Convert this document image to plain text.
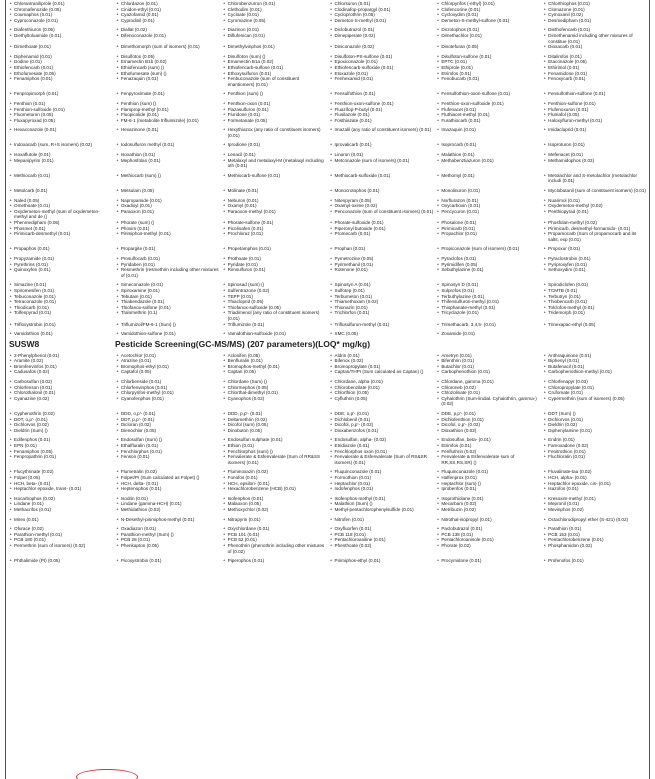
▲ Chlorantraniliprole (0.01)	▲ Chlordazon (0.01)	▲ Chlorobenzurron (0.01)	▲ Chlorsuron (0.01)	▲ Chlorpyrifos (-ethyl) (0.01)	▲ Chlorthiophos (0.01)
▲ Chromafenozide (0.05)	▲ Cinidon-ethyl (0.01)	▲ Clethodim (0.01)	▲ Clodinafop-propargyl (0.01)	▲ Clofencorine (0.01)	▲ Clomazone (0.01)
▲ Coumaphos (0.01)	▲ Cyazofamid (0.01)	▲ Cycloate (0.01)	▲ Cycloprothrin (0.05)	▲ Cycloxydim (0.01)	▲ Cymoxanil (0.02)
▲ Cyproconazole (0.01)	▲ Cyprodinil (0.01)	▲ Cyromazine (0.05)	▲ Demeton-S-methyl (0.01)	▲ Demeton-S-methyl-sulfone (0.01)	▲ Desmedipham (0.01)
▲ Diafenthiuron (0.05)	▲ Diallat (0.02)	▲ Diazinon (0.01)	▲ Diclobutrazol (0.01)	▲ Dicrotophos (0.01)	▲ Diethofencarb (0.01)
▲ Diethyltoluamide (0.01)	▲ Difenoconazole (0.01)	▲ Diflufenican (0.01)	▲ Dimepiperate (0.02)	▲ Dimethachlor (0.01)	▲ Dimethenamid including other mixtures of constitue (0.01)
▲ Dimethoate (0.01)	▲ Dimethomorph (sum of isomers) (0.01)	▲ Dimethylvinphos (0.01)	▲ Diniconazole (0.02)	▲ Dinotefuran (0.05)	▲ Dioxacarb (0.01)
▲ Diphenamid (0.01)	▲ Disulfoton (0.05)	▲ Disulfoton (sum) ()	▲ Disulfoton-PS-sulfone (0.01)	▲ Disulfoton-sulfone (0.01)	▲ Ditalimfos (0.01)
▲ Dodine (0.01)	▲ Emamectin B1b (0.02)	▲ Emamectin B1a (0.02)	▲ Epoxiconazole (0.01)	▲ EPTC (0.01)	▲ Etaconazole (0.05)
▲ Ethiofencarb (0.01)	▲ Ethiofencarb (sum) ()	▲ Ethiofencarb-sulfone (0.01)	▲ Ethiofencarb-sulfoxide (0.01)	▲ Ethiprole (0.01)	▲ Ethirimol (0.01)
▲ Ethofumesate (0.05)	▲ Ethofumesate (sum) ()	▲ Ethoxysulfuron (0.01)	▲ Etoxazole (0.01)	▲ Etrimfos (0.01)	▲ Fenamidone (0.01)
▲ Fenamiphos (0.01)	▲ Fenazaquin (0.01)	▲ Fenbuconazole (sum of constituent enantiomers) (0.01)
▲ Fenhexamid (0.01)	▲ Fenobucarb (0.01)	▲ Fenoxycarb (0.01)
▲ Fenpropimorph (0.01)	▲ Fenpyroximate (0.01)	▲ Fenthion (sum) ()	▲ Fensulfothion (0.01)	▲ Fensulfothion-oxon-sulfone (0.01)	▲ Fensulfothion-sulfone (0.01)
▲ Fenthion (0.01)	▲ Fenthion (sum) ()	▲ Fenthion-oxon (0.01)	▲ Fenthion-oxon-sulfone (0.01)	▲ Fenthion-oxon-sulfoxide (0.01)	▲ Fenthion-sulfone (0.01)
▲ Fenthion-sulfoxide (0.01)	▲ Flamprop-methyl (0.01)	▲ Flazasulfuron (0.01)	▲ Fluazifop-P-butyl (0.01)	▲ Flufenacet (0.01)	▲ Flufenoxuron (0.01)
▲ Fluometuron (0.05)	▲ Fluopicolide (0.01)	▲ Fluridone (0.01)	▲ Flusilazole (0.01)	▲ Fluthiacet-methyl (0.01)	▲ Flutriafol (0.05)
▲ Fluxapyroxad (0.05)	▲ FM-6-1 (metabolite trifluimizole) (0.01)	▲ Formetanate (0.05)	▲ Fosthiazate (0.01)	▲ Furathiocarb (0.01)	▲ Haloxyfluron-methyl (0.01)
▲ Hexaconazole (0.01)	▲ Hexazinone (0.01)	▲ Hexythiazox (any ratio of constituent isomers) (0.01)
▲ Imazalil (any ratio of constituent isomers) (0.01)	▲ Imazaquin (0.01)	▲ Imidacloprid (0.01)
▲ Indoxacarb (sum, R+S isomers) (0.02)	▲ Iodosulfuron methyl (0.01)	▲ Iprodione (0.01)	▲ Iprovalicarb (0.01)	▲ Isoprocarb (0.01)	▲ Isoproturon (0.01)
▲ Isoxaflutole (0.01)	▲ Isoxathion (0.01)	▲ Lenacil (0.01)	▲ Linuron (0.01)	▲ Malathion (0.01)	▲ Mefenacet (0.01)
▲ Mepanipyrim (0.01)	▲ Mephosfolan (0.01)	▲ Metalaxyl and metalaxyl-M (metalaxyl including oth (0.01)
▲ Metconazole (sum of isomers) (0.01)	▲ Methabenztiazuron (0.01)	▲ Methamidophos (0.02)
▲ Methiocarb (0.01)	▲ Methiocarb (sum) ()	▲ Methiocarb-sulfone (0.01)	▲ Methiocarb-sulfoxide (0.01)	▲ Methomyl (0.01)	▲ Metolachlor and S-metolachlor (metolachlor includi (0.01)
▲ Metolcarb (0.01)	▲ Metsulam (0.05)	▲ Molinate (0.01)	▲ Monocrotophos (0.01)	▲ Monolinuron (0.01)	▲ Myclobutanil (sum of constituent isomers) (0.01)
▲ Naled (0.05)	▲ Napropamide (0.01)	▲ Neburon (0.01)	▲ Nitenpyram (0.05)	▲ Norflurazon (0.01)	▲ Nuarimol (0.01)
▲ Omethoate (0.01)	▲ Oxadixyl (0.01)	▲ Oxamyl (0.01)	▲ Oxamyl-oxime (0.02)	▲ Oxycarboxin (0.01)	▲ Oxydemeton-methyl (0.02)
▲ Oxydemeton-methyl (sum of oxydemeton-methyl and de ()
▲ Paraoxon (0.01)	▲ Paraoxon-methyl (0.01)	▲ Penconazole (sum of constituent isomers) (0.01)	▲ Pencycuron (0.01)	▲ Penthiopyrad (0.01)
▲ Phenmedipham (0.05)	▲ Phorate (sum) ()	▲ Phorate-sulfone (0.01)	▲ Phorate-sulfoxide (0.01)	▲ Phosalone (0.01)	▲ Phosfolan-methyl (0.02)
▲ Phosmet (0.01)	▲ Phoxim (0.01)	▲ Picolinafen (0.01)	▲ Piperonyl butoxide (0.01)	▲ Pirimicarb (0.01)	▲ Pirimicarb, desmethyl-formamido- (0.01)
▲ Pirimicarb-desmethyl (0.01)	▲ Pirimiphos-methyl (0.01)	▲ Prochloraz (0.01)	▲ Promecarb (0.01)	▲ Propachlor (0.01)	▲ Propamocarb (Sum of propamocarb and its salts, exp (0.01)
▲ Propaphos (0.01)	▲ Propargite (0.01)	▲ Propetamphos (0.01)	▲ Prophan (0.01)	▲ Propiconazole (sum of isomers) (0.01)	▲ Propoxur (0.01)
▲ Propyzamide (0.01)	▲ Prosulfocarb (0.01)	▲ Prothoate (0.01)	▲ Pymetrozine (0.05)	▲ Pyraclofos (0.01)	▲ Pyraclostrobin (0.01)
▲ Pyrethrins (0.01)	▲ Pyridaben (0.01)	▲ Pyridate (0.01)	▲ Pyrimethanil (0.01)	▲ Pyrimidifen (0.05)	▲ Pyriproxyfen (0.01)
▲ Quinoxyfen (0.01)	▲ Resmethrin (resmethrin including other mixtures of (0.01)
▲ Rimsulfuron (0.01)	▲ Rotenone (0.01)	▲ Sebuthylazine (0.01)	▲ Sethoxydim (0.01)
▲ Simazine (0.01)	▲ Simeconazole (0.01)	▲ Spinosad (sum) ()	▲ Spinosyn A (0.01)	▲ Spinosyn D (0.01)	▲ Spirodiclofen (0.01)
▲ Spiromesifen (0.01)	▲ Spiroxamine (0.01)	▲ Sulfentrazone (0.02)	▲ Sulfotep (0.01)	▲ Sulprofos (0.01)	▲ TCMTB (0.01)
▲ Tebuconazole (0.01)	▲ Tebutam (0.01)	▲ TEPP (0.01)	▲ Terbumeton (0.01)	▲ Terbuthylazine (0.01)	▲ Terbutryn (0.01)
▲ Tetraconazole (0.01)	▲ Thiabendazole (0.01)	▲ Thiacloprid (0.05)	▲ Thiamethoxam (0.02)	▲ Thifensulfuron-methyl (0.01)	▲ Thiobencarb (0.01)
▲ Thiodicarb (0.01)	▲ Thiofanox-sulfone (0.01)	▲ Thiofanox-sulfoxide (0.05)	▲ Thionazin (0.01)	▲ Thiophanate-methyl (0.01)	▲ Tolclofos-methyl (0.01)
▲ Tolfenpyrad (0.01)	▲ Tralomethrin (0.1)	▲ Triadimenol (any ratio of constituent isomers) (0.01)
▲ Trichlorfon (0.01)	▲ Tricyclazole (0.01)	▲ Tridemorph (0.01)
▲ Trifloxystrobin (0.01)	▲ Triflumizol/FM-6-1 (Sum) ()	▲ Triflumizole (0.01)	▲ Triflusulfuron-methyl (0.01)	▲ Trimethacarb, 3,4,5- (0.01)	▲ Trinexapac-ethyl (0.05)
▲ Vamidothion (0.01)	▲ Vamidothion-sulfone (0.01)	▲ Vamidothion-sulfoxide (0.01)	▲ XMC (0.05)	▲ Zoxamide (0.01)
SUSW8	Pesticide Screening(GC-MS/MS) (207 parameters)(LOQ* mg/kg)
▲ 2-Phenylphenol (0.01)	▲ Acetochlor (0.01)	▲ Aclonifen (0.05)	▲ Aldrin (0.01)	▲ Ametryn (0.01)	▲ Anthraquinone (0.01)
▲ Aramite (0.02)	▲ Atrazine (0.01)	▲ Benfluralin (0.01)	▲ Bifenox (0.02)	▲ Bifenthrin (0.01)	▲ Biphenyl (0.01)
▲ Bromfenvinfos (0.01)	▲ Bromophos-ethyl (0.01)	▲ Bromophos-methyl (0.01)	▲ Bromopropylate (0.01)	▲ Butachlor (0.01)	▲ Butafenacil (0.01)
▲ Cadusafos (0.02)	▲ Captafol (0.05)	▲ Captan (0.05)	▲ Captan/THPI (Sum calculated as Captan) ()	▲ Carbophenothion (0.01)	▲ Carbophenothion-methyl (0.01)
▲ Carbosulfan (0.02)	▲ Chlorbenside (0.01)	▲ Chlordane (Sum) ()	▲ Chlordane, alpha (0.01)	▲ Chlordane, gamma (0.01)	▲ Chlorfenapyr (0.03)
▲ Chlorfenson (0.01)	▲ Chlorfenvinphos (0.01)	▲ Chlormephos (0.05)	▲ Chlorobenzilate (0.01)	▲ Chloroneb (0.02)	▲ Chloropropylate (0.01)
▲ Chlorothalonil (0.01)	▲ Chlorpyrifos-methyl (0.01)	▲ Chlorthal-dimethyl (0.01)	▲ Chlorthion (0.05)	▲ Chlozolinate (0.01)	▲ Crufomate (0.01)
▲ Cyanazine (0.02)	▲ Cyanofenphos (0.01)	▲ Cyanophos (0.02)	▲ Cyfluthrin (0.05)	▲ Cyhalothrin (Sum-lindial. Cyhalothrin, gamma-) (0.02)
▲ Cypermethrin (sum of isomers) (0.05)
▲ Cyphenothrin (0.02)	▲ DDD, o,p'- (0.01)	▲ DDD, p,p'- (0.01)	▲ DDE, o,p'- (0.01)	▲ DDE, p,p'- (0.01)	▲ DDT (Sum) ()
▲ DDT, o,p'- (0.01)	▲ DDT, p,p'- (0.01)	▲ Deltamethrin (0.02)	▲ Dichlobenil (0.01)	▲ Dichlofenthion (0.01)	▲ Dichlorvos (0.01)
▲ Dichlorvos (0.02)	▲ Dicloran (0.02)	▲ Dicofol (sum) (0.05)	▲ Dicofol, p,p'- (0.02)	▲ Dicofol, o,p'- (0.02)	▲ Dieldrin (0.02)
▲ Dieldrin (Sum) ()	▲ Dienochlor (0.05)	▲ Dinobuton (0.05)	▲ Dioxabenzofos (0.01)	▲ Dioxathion (0.02)	▲ Diphenylamine (0.01)
▲ Edifenphos (0.01)	▲ Endosulfan (Sum) ()	▲ Endosulfan sulphate (0.01)	▲ Endosulfan, alpha- (0.02)	▲ Endosulfan, beta- (0.01)	▲ Endrin (0.01)
▲ EPN (0.01)	▲ Ethalfluralin (0.01)	▲ Ethion (0.01)	▲ Etridiazole (0.01)	▲ Etrimfos (0.01)	▲ Famoxadone (0.02)
▲ Fenamiphos (0.05)	▲ Fenchlorphos (0.01)	▲ Fenchlorphos (sum) ()	▲ Fenchlorphos oxon (0.01)	▲ Fenfluthrin (0.02)	▲ Fenitrothion (0.01)
▲ Fenpropathrin (0.01)	▲ Fenson (0.01)	▲ Fenvalerate & Esfenvalerate (Sum of RR&SS isomers) (0.01)
▲ Fenvalerate & Esfenvalerate (Sum of RS&SR isomers) (0.01)
▲ Fenvalerate & Esfenvalerate sum of RR,SS,RS,SR) ()
▲ Fluchloralin (0.01)
▲ Flucythrinate (0.02)	▲ Flumetralin (0.02)	▲ Fluminoxazin (0.02)	▲ Fluquinconazole (0.01)	▲ Fluquinconazole (0.01)	▲ Fluvalinate-tau (0.02)
▲ Folpet (0.05)	▲ Folpet/PI (Sum calculated as Folpet) ()	▲ Fonofos (0.01)	▲ Formothion (0.01)	▲ Halfenprox (0.01)	▲ HCH, alpha- (0.01)
▲ HCH, beta- (0.01)	▲ HCH, delta- (0.01)	▲ HCH, epsilon- (0.01)	▲ Heptachlor (0.01)	▲ Heptachlor (sum) ()	▲ Heptachlor epoxide, cis- (0.01)
▲ Heptachlor epoxide, trans- (0.01)	▲ Heptenophos (0.01)	▲ Hexachlorobenzene (HCB) (0.01)	▲ Iodofenphos (0.01)	▲ Iprobenfos (0.01)	▲ Isazofos (0.01)
▲ Isocarbophos (0.02)	▲ Isodrin (0.01)	▲ Isofenphos (0.01)	▲ Isofenphos-methyl (0.01)	▲ Isoprothiolane (0.01)	▲ Kresoxim-methyl (0.01)
▲ Lindane (0.01)	▲ Lindane (gamma-HCH) (0.01)	▲ Malaoxon (0.05)	▲ Malathion (Sum) ()	▲ Mecarbam (0.02)	▲ Mepronil (0.01)
▲ Methacrifos (0.01)	▲ Methidathion (0.02)	▲ Methoxychlor (0.02)	▲ Methyl-pentachlorophenylsulfide (0.01)	▲ Metribuzin (0.02)	▲ Mevinphos (0.02)
▲ Mirex (0.01)	▲ N-Desethyl-pirimiphos-methyl (0.01)	▲ Nitrapyrin (0.01)	▲ Nitrofen (0.01)	▲ Nitrothal-isopropyl (0.01)	▲ Octachlorodipropyl ether (S-421) (0.02)
▲ Ofurace (0.02)	▲ Oxadiazon (0.01)	▲ Oxychlordane (0.01)	▲ Oxyfluorfen (0.01)	▲ Paclobutrazol (0.01)	▲ Parathion (0.01)
▲ Parathion-methyl (0.01)	▲ Parathion-methyl (Sum) ()	▲ PCB 101 (0.01)	▲ PCB 118 (0.01)	▲ PCB 138 (0.01)	▲ PCB 153 (0.01)
▲ PCB 180 (0.01)	▲ PCB 28 (0.01)	▲ PCB 52 (0.01)	▲ Pentachloroaniline (0.01)	▲ Pentachloroanisole (0.01)	▲ Pentachlorobenzene (0.01)
▲ Permethrin (sum of isomers) (0.02)	▲ Phenkapton (0.05)	▲ Phenothrin (phenothrin including other mixtures of (0.02)
▲ Phenthoate (0.02)	▲ Phorate (0.02)	▲ Phosphamidon (0.02)
▲ Phthalimide (PI) (0.05)	▲ Picoxystrobin (0.01)	▲ Piperophos (0.01)	▲ Pirimiphos-ethyl (0.01)	▲ Procymidone (0.01)	▲ Profenofos (0.01)
